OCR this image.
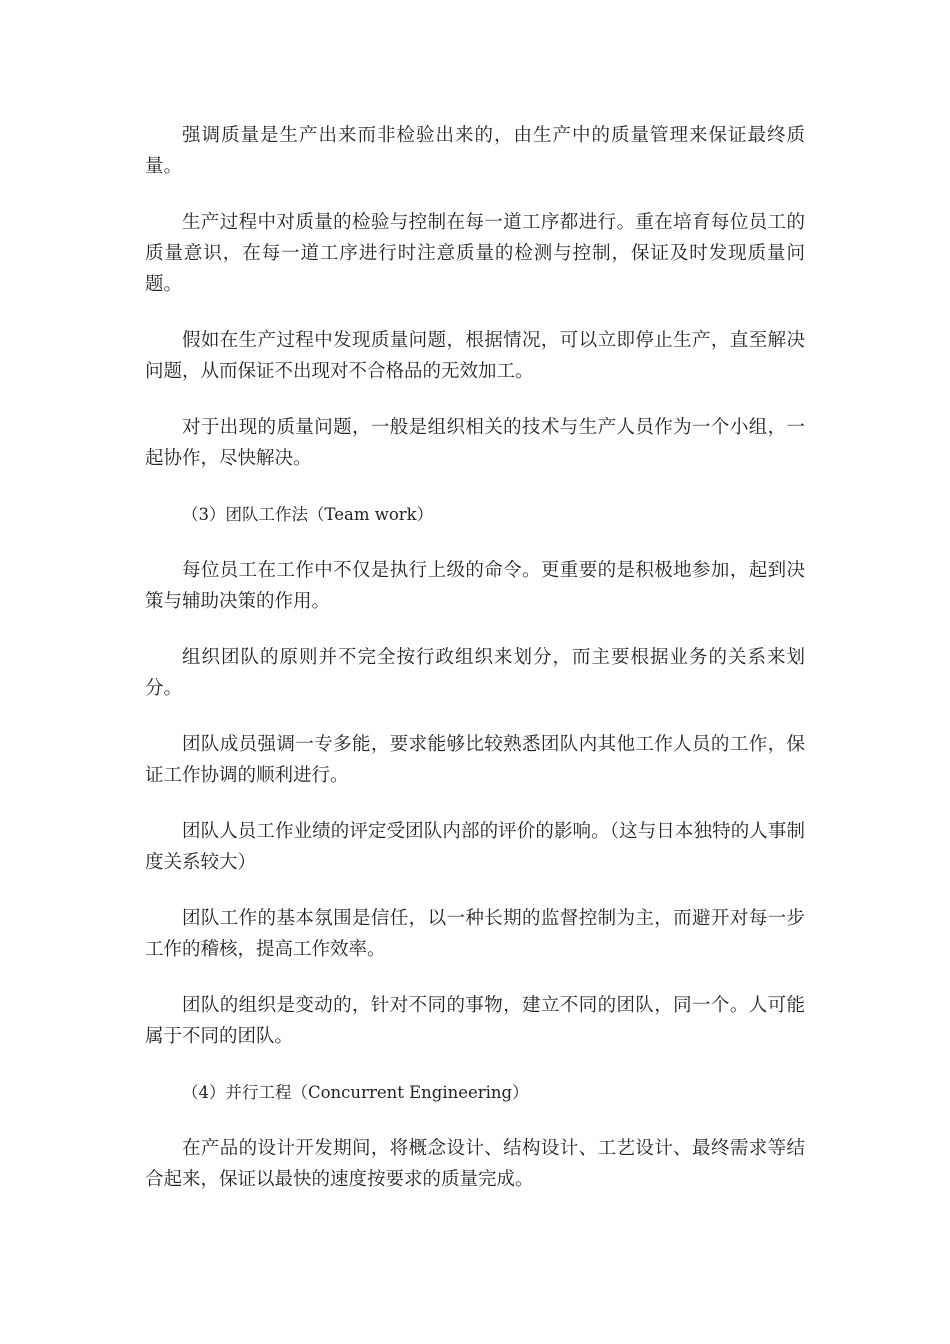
强调质量是生产出来而非检验出来的，由生产中的质量管理来保证最终质量。

生产过程中对质量的检验与控制在每一道工序都进行。重在培育每位员工的质量意识，在每一道工序进行时注意质量的检测与控制，保证及时发现质量问题。

假如在生产过程中发现质量问题，根据情况，可以立即停止生产，直至解决问题，从而保证不出现对不合格品的无效加工。

对于出现的质量问题，一般是组织相关的技术与生产人员作为一个小组，一起协作，尽快解决。

（3）团队工作法（Team work）

每位员工在工作中不仅是执行上级的命令。更重要的是积极地参加，起到决策与辅助决策的作用。

组织团队的原则并不完全按行政组织来划分，而主要根据业务的关系来划分。

团队成员强调一专多能，要求能够比较熟悉团队内其他工作人员的工作，保证工作协调的顺利进行。

团队人员工作业绩的评定受团队内部的评价的影响。（这与日本独特的人事制度关系较大）

团队工作的基本氛围是信任，以一种长期的监督控制为主，而避开对每一步工作的稽核，提高工作效率。

团队的组织是变动的，针对不同的事物，建立不同的团队，同一个。人可能属于不同的团队。

（4）并行工程（Concurrent Engineering）

在产品的设计开发期间，将概念设计、结构设计、工艺设计、最终需求等结合起来，保证以最快的速度按要求的质量完成。
